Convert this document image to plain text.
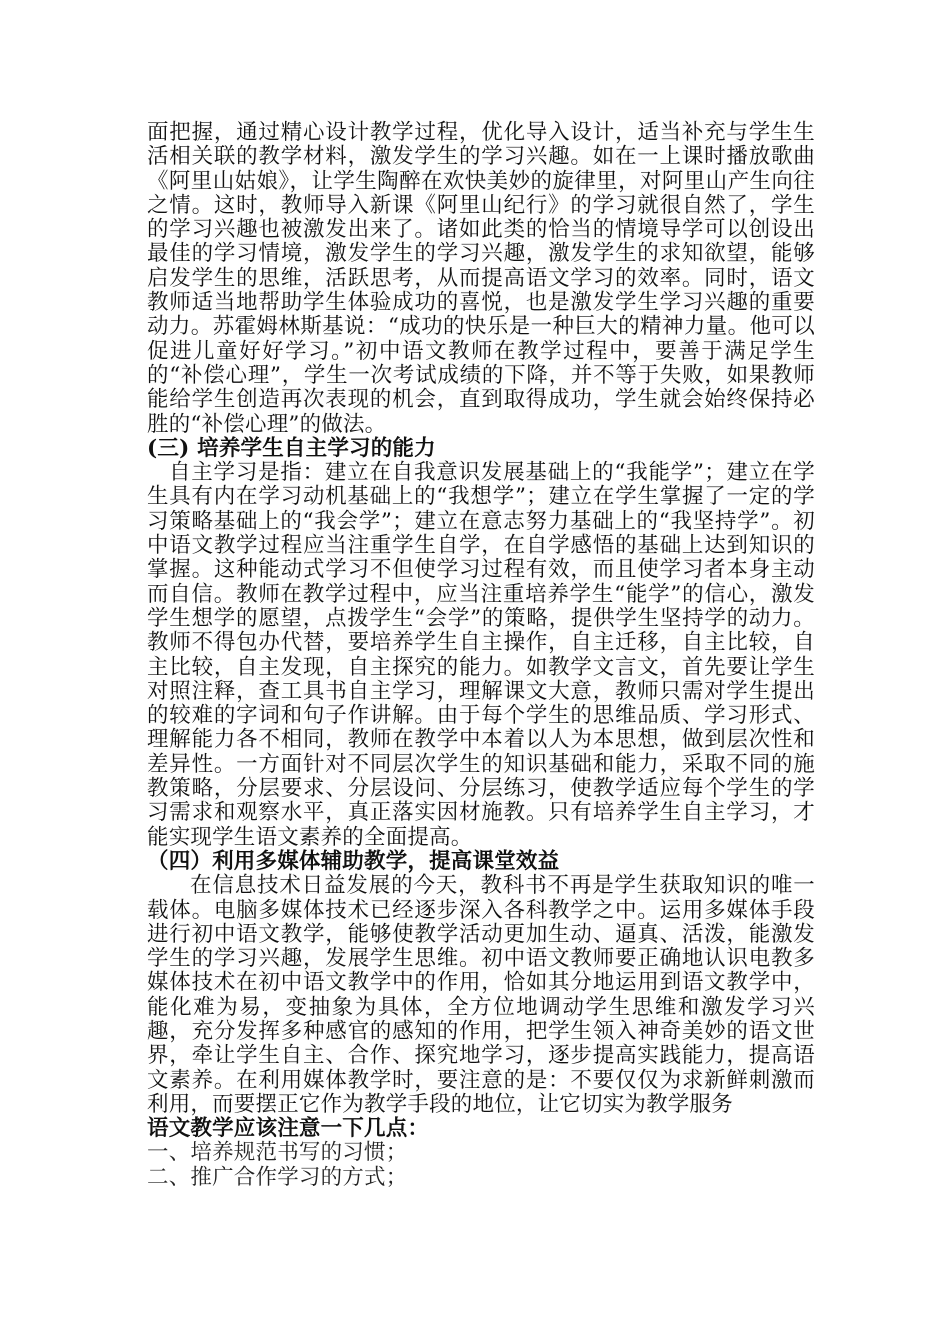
面把握，通过精心设计教学过程，优化导入设计，适当补充与学生生活相关联的教学材料，激发学生的学习兴趣。如在一上课时播放歌曲《阿里山姑娘》，让学生陶醉在欢快美妙的旋律里，对阿里山产生向往之情。这时，教师导入新课《阿里山纪行》的学习就很自然了，学生的学习兴趣也被激发出来了。诸如此类的恰当的情境导学可以创设出最佳的学习情境，激发学生的学习兴趣，激发学生的求知欲望，能够启发学生的思维，活跃思考，从而提高语文学习的效率。同时，语文教师适当地帮助学生体验成功的喜悦，也是激发学生学习兴趣的重要动力。苏霍姆林斯基说：“成功的快乐是一种巨大的精神力量。他可以促进儿童好好学习。”初中语文教师在教学过程中，要善于满足学生的“补偿心理”，学生一次考试成绩的下降，并不等于失败，如果教师能给学生创造再次表现的机会，直到取得成功，学生就会始终保持必胜的“补偿心理”的做法。

(三) 培养学生自主学习的能力

自主学习是指：建立在自我意识发展基础上的“我能学”；建立在学生具有内在学习动机基础上的“我想学”；建立在学生掌握了一定的学习策略基础上的“我会学”；建立在意志努力基础上的“我坚持学”。初中语文教学过程应当注重学生自学，在自学感悟的基础上达到知识的掌握。这种能动式学习不但使学习过程有效，而且使学习者本身主动而自信。教师在教学过程中，应当注重培养学生“能学”的信心，激发学生想学的愿望，点拨学生“会学”的策略，提供学生坚持学的动力。教师不得包办代替，要培养学生自主操作，自主迁移，自主比较，自主比较，自主发现，自主探究的能力。如教学文言文，首先要让学生对照注释，查工具书自主学习，理解课文大意，教师只需对学生提出的较难的字词和句子作讲解。由于每个学生的思维品质、学习形式、理解能力各不相同，教师在教学中本着以人为本思想，做到层次性和差异性。一方面针对不同层次学生的知识基础和能力，采取不同的施教策略，分层要求、分层设问、分层练习，使教学适应每个学生的学习需求和观察水平，真正落实因材施教。只有培养学生自主学习，才能实现学生语文素养的全面提高。

（四）利用多媒体辅助教学，提高课堂效益

在信息技术日益发展的今天，教科书不再是学生获取知识的唯一载体。电脑多媒体技术已经逐步深入各科教学之中。运用多媒体手段进行初中语文教学，能够使教学活动更加生动、逼真、活泼，能激发学生的学习兴趣，发展学生思维。初中语文教师要正确地认识电教多媒体技术在初中语文教学中的作用，恰如其分地运用到语文教学中，能化难为易，变抽象为具体，全方位地调动学生思维和激发学习兴趣，充分发挥多种感官的感知的作用，把学生领入神奇美妙的语文世界，牵让学生自主、合作、探究地学习，逐步提高实践能力，提高语文素养。在利用媒体教学时，要注意的是：不要仅仅为求新鲜刺激而利用，而要摆正它作为教学手段的地位，让它切实为教学服务

语文教学应该注意一下几点：

一、培养规范书写的习惯；

二、推广合作学习的方式；
